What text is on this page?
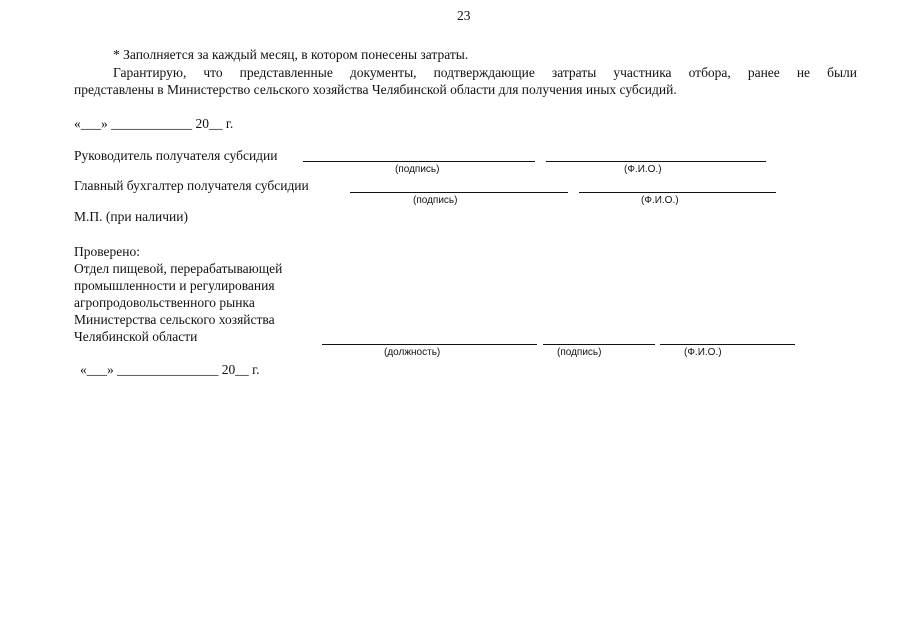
23
* Заполняется за каждый месяц, в котором понесены затраты.
Гарантирую, что представленные документы, подтверждающие затраты участника отбора, ранее не были
представлены в Министерство сельского хозяйства Челябинской области для получения иных субсидий.
«___» ____________ 20__ г.
Руководитель получателя субсидии
(подпись)	(Ф.И.О.)
Главный бухгалтер получателя субсидии
(подпись)	(Ф.И.О.)
М.П. (при наличии)
Проверено:
Отдел пищевой, перерабатывающей
промышленности и регулирования
агропродовольственного рынка
Министерства сельского хозяйства
Челябинской области
(должность)	(подпись)	(Ф.И.О.)
«___» _______________ 20__ г.
